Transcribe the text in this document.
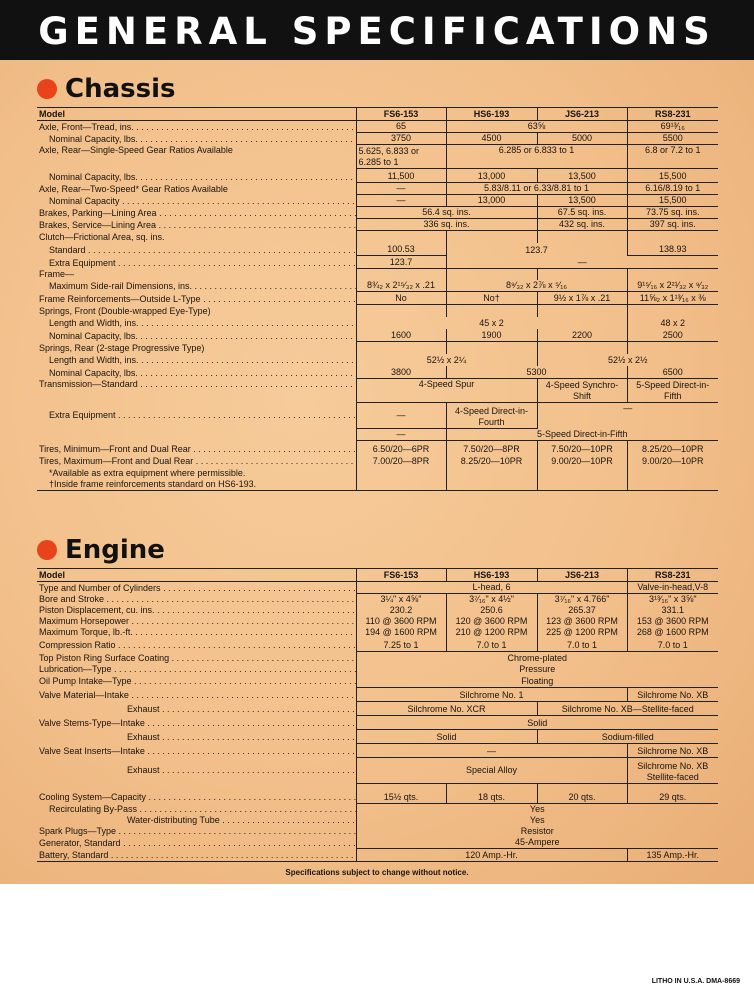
GENERAL SPECIFICATIONS
Chassis
Model	FS6-153	HS6-193	JS6-213	RS8-231
Axle, Front—Tread, ins. . . .	65	63⅝		69¹³⁄₁₆
Nominal Capacity, lbs. . . .	3750	4500	5000	5500
Axle, Rear—Single-Speed Gear Ratios Available	5.625, 6.833 or 6.285 to 1	6.285 or 6.833 to 1		6.8 or 7.2 to 1
Nominal Capacity, lbs. . . .	11,500	13,000	13,500	15,500
Axle, Rear—Two-Speed* Gear Ratios Available	—	5.83/8.11 or 6.33/8.81 to 1		6.16/8.19 to 1
Nominal Capacity . . .	—	13,000	13,500	15,500
Brakes, Parking—Lining Area . . .	56.4 sq. ins.		67.5 sq. ins.	73.75 sq. ins.
Brakes, Service—Lining Area . . .	336 sq. ins.		432 sq. ins.	397 sq. ins.
Clutch—Frictional Area, sq. ins.				
Standard . . .	100.53	123.7		138.93
Extra Equipment . . .	123.7	—		
Frame—				
Maximum Side-rail Dimensions, ins. . . .	8¾₂ x 2¹⁵⁄₃₂ x .21	8⁹⁄₃₂ x 2⅞ x ⁵⁄₁₆		9¹⁵⁄₁₆ x 2²¹⁄₃₂ x ⁹⁄₃₂
Frame Reinforcements—Outside L-Type . . .	No	No†	9½ x 1⅞ x .21	11⅝₂ x 1¹³⁄₁₆ x ⅜
Springs, Front (Double-wrapped Eye-Type)				
Length and Width, ins. . . .	45 x 2			48 x 2
Nominal Capacity, lbs. . . .	1600	1900	2200	2500
Springs, Rear (2-stage Progressive Type)				
Length and Width, ins. . . .	52½ x 2¼		52½ x 2½	
Nominal Capacity, lbs. . . .	3800	5300		6500
Transmission—Standard . . .	4-Speed Spur		4-Speed Synchro-Shift	5-Speed Direct-in-Fifth
Extra Equipment . . .	—	4-Speed Direct-in-Fourth	—	
	—	5-Speed Direct-in-Fifth		
Tires, Minimum—Front and Dual Rear . . .	6.50/20—6PR	7.50/20—8PR	7.50/20—10PR	8.25/20—10PR
Tires, Maximum—Front and Dual Rear . . .	7.00/20—8PR	8.25/20—10PR	9.00/20—10PR	9.00/20—10PR
*Available as extra equipment where permissible.				
†Inside frame reinforcements standard on HS6-193.				
Engine
Model	FS6-153	HS6-193	JS6-213	RS8-231
Type and Number of Cylinders . . .	L-head, 6			Valve-in-head,V-8
Bore and Stroke . . .	3¼" x 4⅝"	3⁷⁄₁₆" x 4½"	3⁷⁄₁₆" x 4.766"	3¹³⁄₁₆" x 3⅝"
Piston Displacement, cu. ins. . . .	230.2	250.6	265.37	331.1
Maximum Horsepower . . .	110 @ 3600 RPM	120 @ 3600 RPM	123 @ 3600 RPM	153 @ 3600 RPM
Maximum Torque, lb.-ft. . . .	194 @ 1600 RPM	210 @ 1200 RPM	225 @ 1200 RPM	268 @ 1600 RPM
Compression Ratio . . .	7.25 to 1	7.0 to 1	7.0 to 1	7.0 to 1
Top Piston Ring Surface Coating . . .	Chrome-plated			
Lubrication—Type . . .	Pressure			
Oil Pump Intake—Type . . .	Floating			
Valve Material—Intake . . .	Silchrome No. 1			Silchrome No. XB
Exhaust . . .	Silchrome No. XCR		Silchrome No. XB—Stellite-faced	
Valve Stems-Type—Intake . . .	Solid			
Exhaust . . .	Solid		Sodium-filled	
Valve Seat Inserts—Intake . . .	—			Silchrome No. XB
Exhaust . . .	Special Alloy			Silchrome No. XB Stellite-faced
Cooling System—Capacity . . .	15½ qts.	18 qts.	20 qts.	29 qts.
Recirculating By-Pass . . .	Yes			
Water-distributing Tube . . .	Yes			
Spark Plugs—Type . . .	Resistor			
Generator, Standard . . .	45-Ampere			
Battery, Standard . . .	120 Amp.-Hr.			135 Amp.-Hr.
Specifications subject to change without notice.
LITHO IN U.S.A. DMA-8669
